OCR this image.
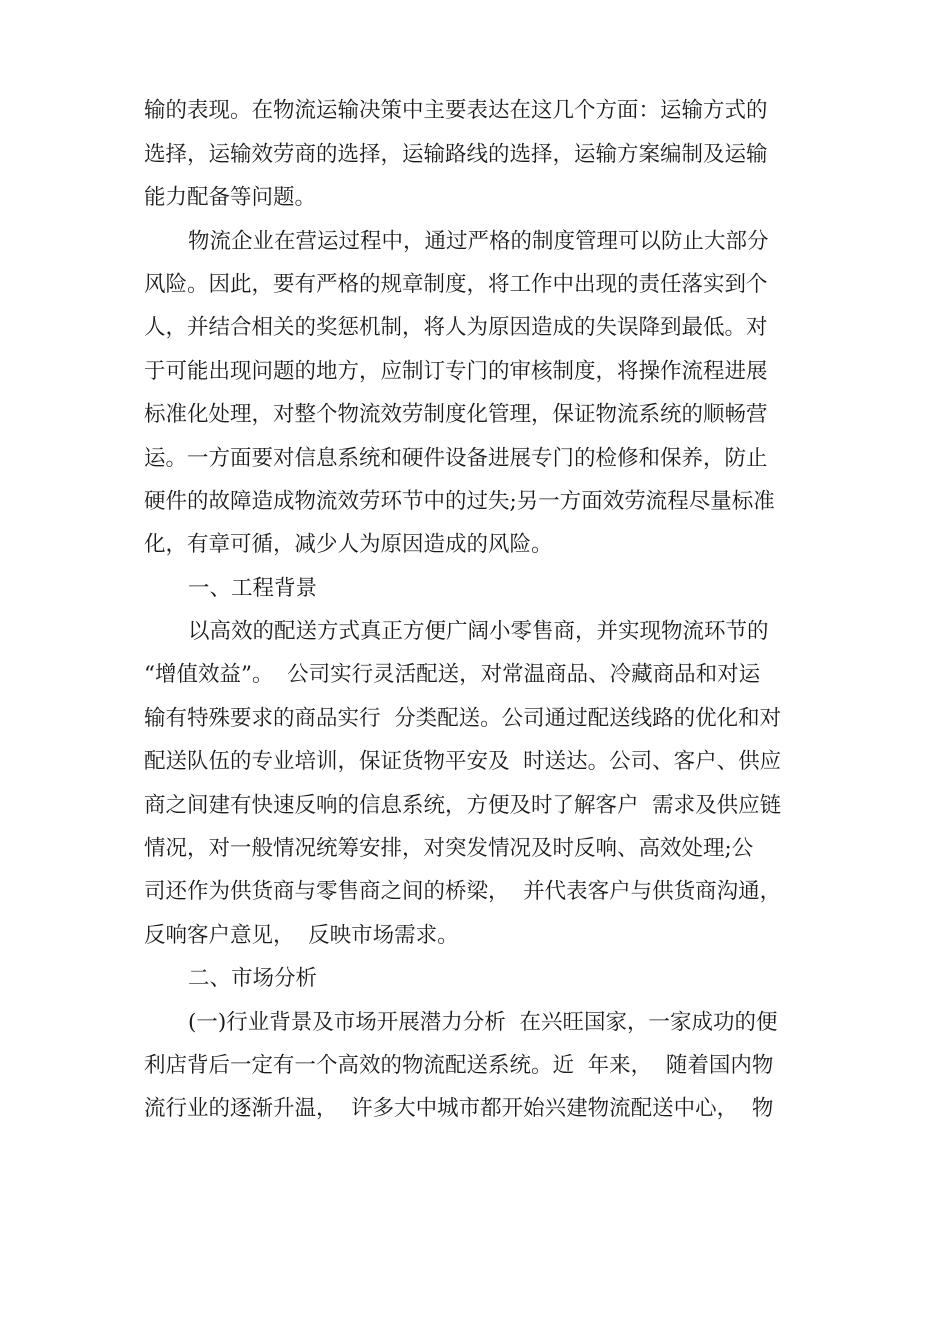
输的表现。在物流运输决策中主要表达在这几个方面：运输方式的
选择，运输效劳商的选择，运输路线的选择，运输方案编制及运输
能力配备等问题。
物流企业在营运过程中，通过严格的制度管理可以防止大部分
风险。因此，要有严格的规章制度，将工作中出现的责任落实到个
人，并结合相关的奖惩机制，将人为原因造成的失误降到最低。对
于可能出现问题的地方，应制订专门的审核制度，将操作流程进展
标准化处理，对整个物流效劳制度化管理，保证物流系统的顺畅营
运。一方面要对信息系统和硬件设备进展专门的检修和保养，防止
硬件的故障造成物流效劳环节中的过失;另一方面效劳流程尽量标准
化，有章可循，减少人为原因造成的风险。
一、工程背景
以高效的配送方式真正方便广阔小零售商，并实现物流环节的
“增值效益”。  公司实行灵活配送，对常温商品、冷藏商品和对运
输有特殊要求的商品实行  分类配送。公司通过配送线路的优化和对
配送队伍的专业培训，保证货物平安及  时送达。公司、客户、供应
商之间建有快速反响的信息系统，方便及时了解客户  需求及供应链
情况，对一般情况统筹安排，对突发情况及时反响、高效处理;公
司还作为供货商与零售商之间的桥梁，  并代表客户与供货商沟通，
反响客户意见，  反映市场需求。
二、市场分析
(一)行业背景及市场开展潜力分析  在兴旺国家，一家成功的便
利店背后一定有一个高效的物流配送系统。近  年来，  随着国内物
流行业的逐渐升温，  许多大中城市都开始兴建物流配送中心，  物
